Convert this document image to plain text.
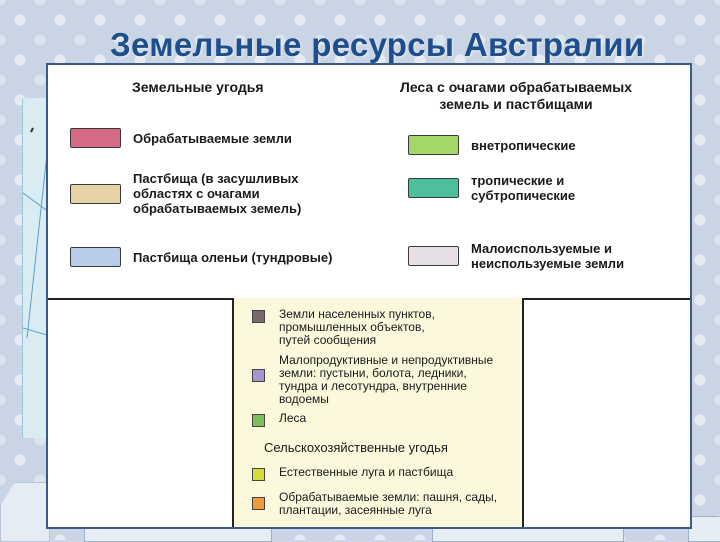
Земельные ресурсы Австралии
Земельные угодья	Леса с очагами обрабатываемых
земель и пастбищами
Обрабатываемые земли
Пастбища (в засушливых
областях с очагами
обрабатываемых земель)
Пастбища оленьи (тундровые)
внетропические
тропические и
субтропические
Малоиспользуемые и
неиспользуемые земли
Земли населенных пунктов,
промышленных объектов,
путей сообщения
Малопродуктивные и непродуктивные
земли: пустыни, болота, ледники,
тундра и лесотундра, внутренние
водоемы
Леса
Сельскохозяйственные угодья
Естественные луга и пастбища
Обрабатываемые земли: пашня, сады,
плантации, засеянные луга
